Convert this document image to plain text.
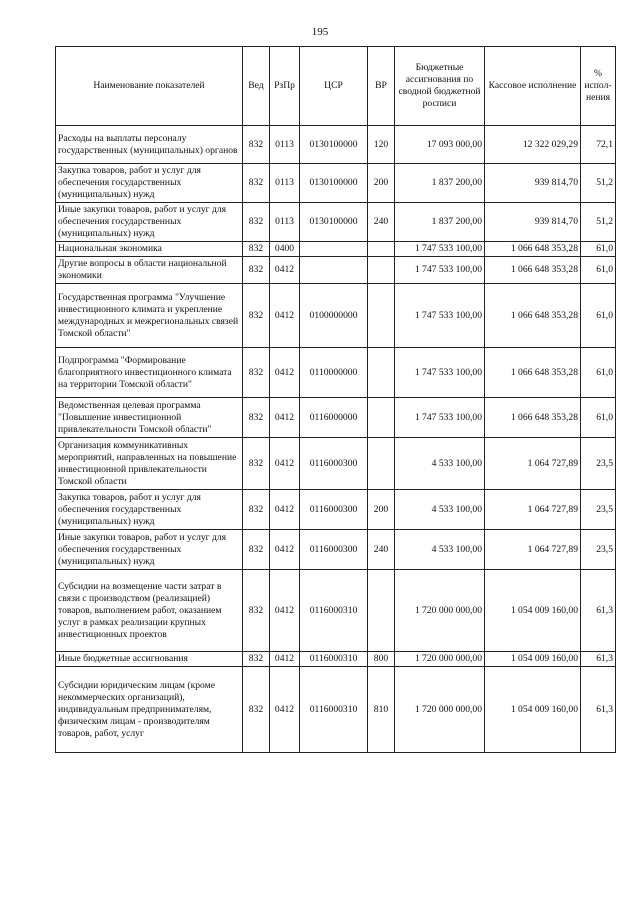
195
Наименование показателей	Вед	РзПр	ЦСР	ВР	Бюджетные ассигнования по сводной бюджетной росписи	Кассовое исполнение	% испол-нения
Расходы на выплаты персоналу государственных (муниципальных) органов	832	0113	0130100000	120	17 093 000,00	12 322 029,29	72,1
Закупка товаров, работ и услуг для обеспечения государственных (муниципальных) нужд	832	0113	0130100000	200	1 837 200,00	939 814,70	51,2
Иные закупки товаров, работ и услуг для обеспечения государственных (муниципальных) нужд	832	0113	0130100000	240	1 837 200,00	939 814,70	51,2
Национальная экономика	832	0400			1 747 533 100,00	1 066 648 353,28	61,0
Другие вопросы в области национальной экономики	832	0412			1 747 533 100,00	1 066 648 353,28	61,0
Государственная программа "Улучшение инвестиционного климата и укрепление международных и межрегиональных связей Томской области"	832	0412	0100000000		1 747 533 100,00	1 066 648 353,28	61,0
Подпрограмма "Формирование благоприятного инвестиционного климата на территории Томской области"	832	0412	0110000000		1 747 533 100,00	1 066 648 353,28	61,0
Ведомственная целевая программа "Повышение инвестиционной привлекательности Томской области"	832	0412	0116000000		1 747 533 100,00	1 066 648 353,28	61,0
Организация коммуникативных мероприятий, направленных на повышение инвестиционной привлекательности Томской области	832	0412	0116000300		4 533 100,00	1 064 727,89	23,5
Закупка товаров, работ и услуг для обеспечения государственных (муниципальных) нужд	832	0412	0116000300	200	4 533 100,00	1 064 727,89	23,5
Иные закупки товаров, работ и услуг для обеспечения государственных (муниципальных) нужд	832	0412	0116000300	240	4 533 100,00	1 064 727,89	23,5
Субсидии на возмещение части затрат в связи с производством (реализацией) товаров, выполнением работ, оказанием услуг в рамках реализации крупных инвестиционных проектов	832	0412	0116000310		1 720 000 000,00	1 054 009 160,00	61,3
Иные бюджетные ассигнования	832	0412	0116000310	800	1 720 000 000,00	1 054 009 160,00	61,3
Субсидии юридическим лицам (кроме некоммерческих организаций), индивидуальным предпринимателям, физическим лицам - производителям товаров, работ, услуг	832	0412	0116000310	810	1 720 000 000,00	1 054 009 160,00	61,3
